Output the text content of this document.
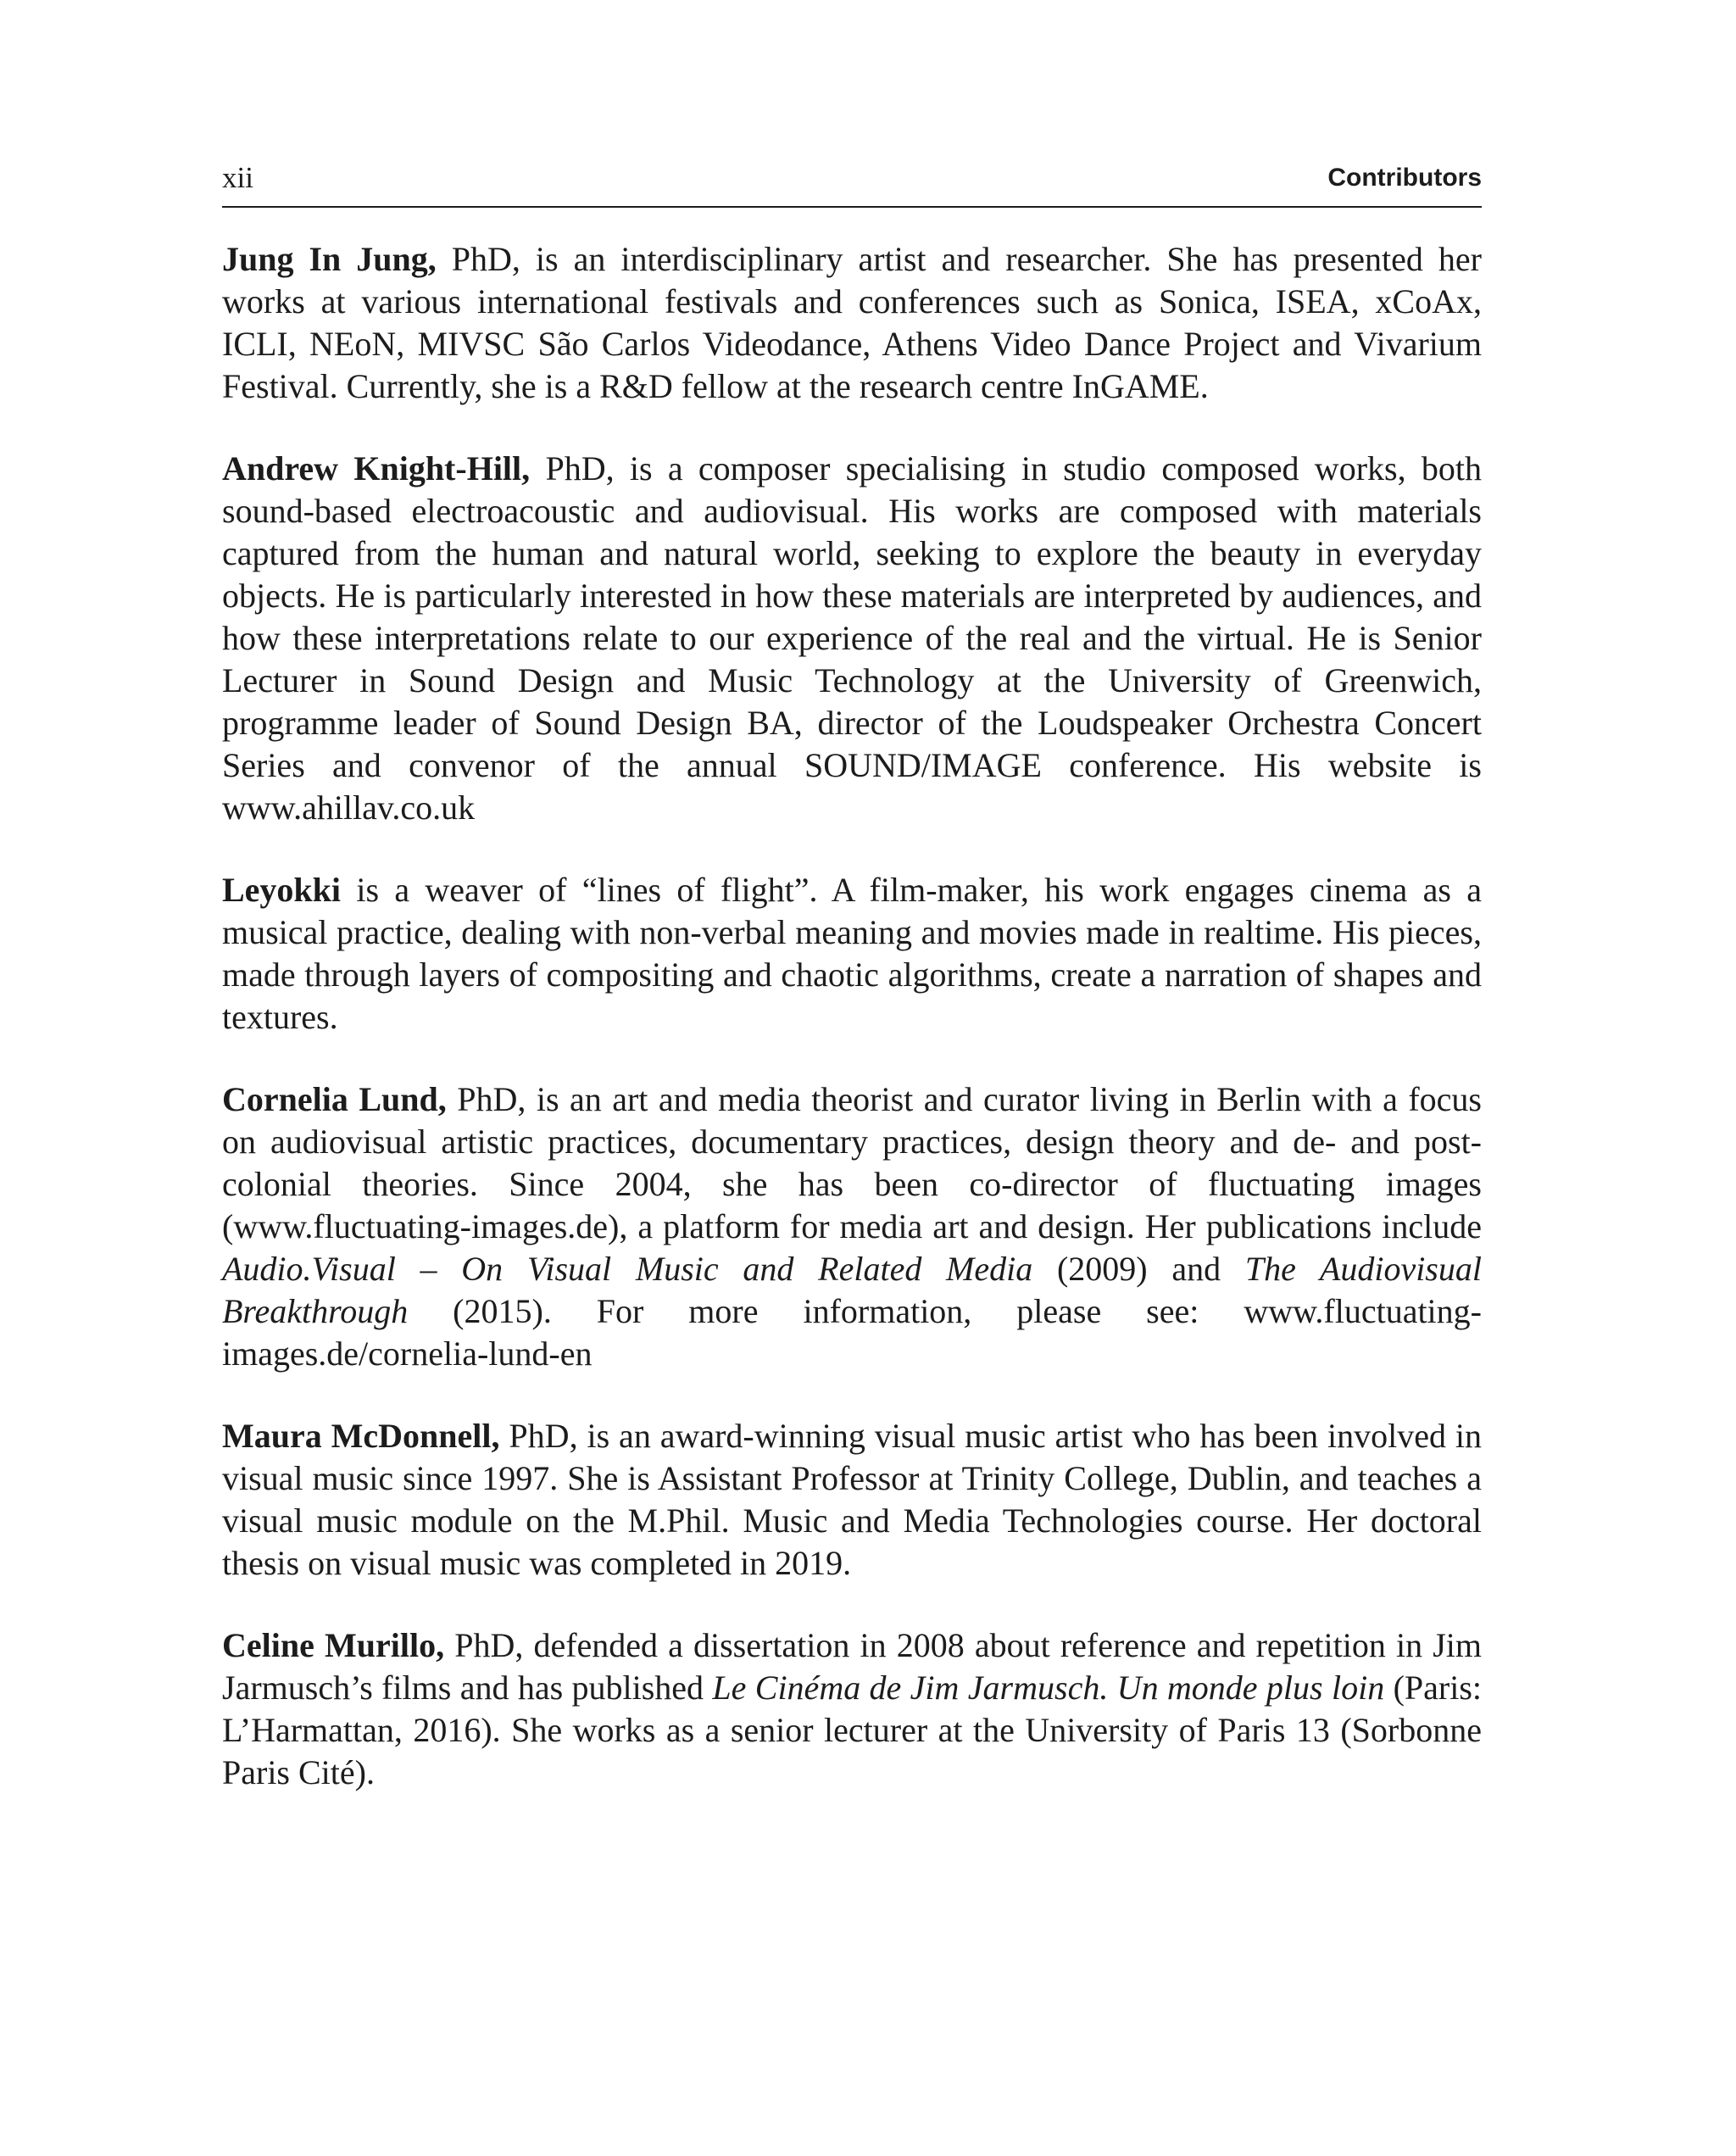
xii	Contributors

Jung In Jung, PhD, is an interdisciplinary artist and researcher. She has presented her works at various international festivals and conferences such as Sonica, ISEA, xCoAx, ICLI, NEoN, MIVSC São Carlos Videodance, Athens Video Dance Project and Vivarium Festival. Currently, she is a R&D fellow at the research centre InGAME.

Andrew Knight-Hill, PhD, is a composer specialising in studio composed works, both sound-based electroacoustic and audiovisual. His works are composed with materials captured from the human and natural world, seeking to explore the beauty in everyday objects. He is particularly interested in how these materials are interpreted by audiences, and how these interpretations relate to our experience of the real and the virtual. He is Senior Lecturer in Sound Design and Music Technology at the University of Greenwich, programme leader of Sound Design BA, director of the Loudspeaker Orchestra Concert Series and convenor of the annual SOUND/IMAGE conference. His website is www.ahillav.co.uk

Leyokki is a weaver of “lines of flight”. A film-maker, his work engages cinema as a musical practice, dealing with non-verbal meaning and movies made in realtime. His pieces, made through layers of compositing and chaotic algorithms, create a narration of shapes and textures.

Cornelia Lund, PhD, is an art and media theorist and curator living in Berlin with a focus on audiovisual artistic practices, documentary practices, design theory and de- and post-colonial theories. Since 2004, she has been co-director of fluctuating images (www.fluctuating-images.de), a platform for media art and design. Her publications include Audio.Visual – On Visual Music and Related Media (2009) and The Audiovisual Breakthrough (2015). For more information, please see: www.fluctuating-images.de/cornelia-lund-en

Maura McDonnell, PhD, is an award-winning visual music artist who has been involved in visual music since 1997. She is Assistant Professor at Trinity College, Dublin, and teaches a visual music module on the M.Phil. Music and Media Technologies course. Her doctoral thesis on visual music was completed in 2019.

Celine Murillo, PhD, defended a dissertation in 2008 about reference and repetition in Jim Jarmusch’s films and has published Le Cinéma de Jim Jarmusch. Un monde plus loin (Paris: L’Harmattan, 2016). She works as a senior lecturer at the University of Paris 13 (Sorbonne Paris Cité).
